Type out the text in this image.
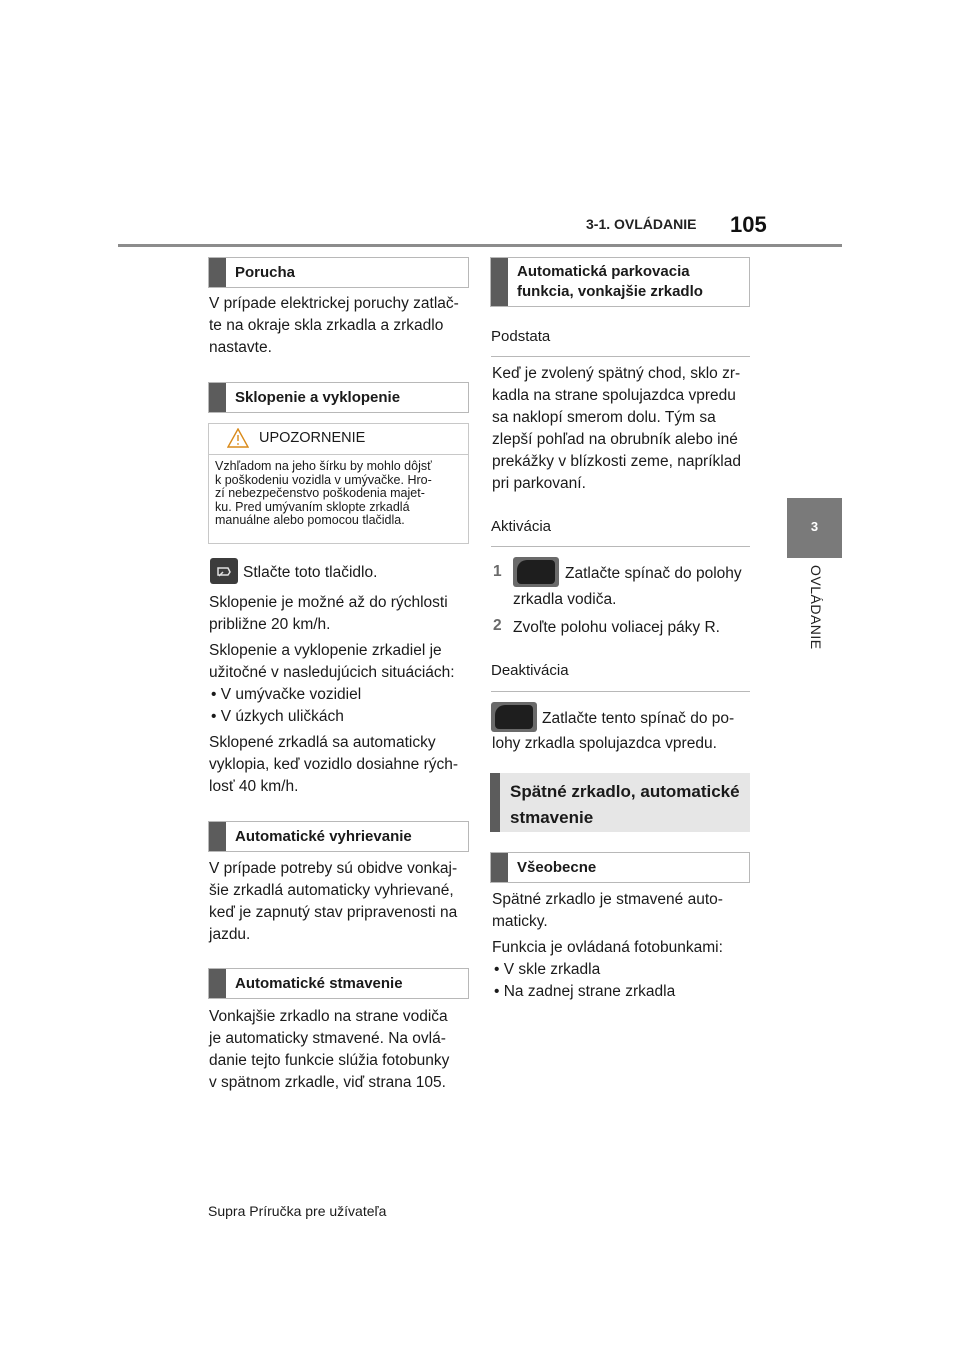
3-1. OVLÁDANIE 105
3
OVLÁDANIE
Porucha
V prípade elektrickej poruchy zatlač-
te na okraje skla zrkadla a zrkadlo
nastavte.
Sklopenie a vyklopenie
UPOZORNENIE
Vzhľadom na jeho šírku by mohlo dôjsť
k poškodeniu vozidla v umývačke. Hro-
zí nebezpečenstvo poškodenia majet-
ku. Pred umývaním sklopte zrkadlá
manuálne alebo pomocou tlačidla.
Stlačte toto tlačidlo.
Sklopenie je možné až do rýchlosti
približne 20 km/h.
Sklopenie a vyklopenie zrkadiel je
užitočné v nasledujúcich situáciách:
• V umývačke vozidiel
• V úzkych uličkách
Sklopené zrkadlá sa automaticky
vyklopia, keď vozidlo dosiahne rých-
losť 40 km/h.
Automatické vyhrievanie
V prípade potreby sú obidve vonkaj-
šie zrkadlá automaticky vyhrievané,
keď je zapnutý stav pripravenosti na
jazdu.
Automatické stmavenie
Vonkajšie zrkadlo na strane vodiča
je automaticky stmavené. Na ovlá-
danie tejto funkcie slúžia fotobunky
v spätnom zrkadle, viď strana 105.
Automatická parkovacia
funkcia, vonkajšie zrkadlo
Podstata
Keď je zvolený spätný chod, sklo zr-
kadla na strane spolujazdca vpredu
sa naklopí smerom dolu. Tým sa
zlepší pohľad na obrubník alebo iné
prekážky v blízkosti zeme, napríklad
pri parkovaní.
Aktivácia
1	Zatlačte spínač do polohy
zrkadla vodiča.
2 Zvoľte polohu voliacej páky R.
Deaktivácia
Zatlačte tento spínač do po-
lohy zrkadla spolujazdca vpredu.
Spätné zrkadlo, automatické
stmavenie
Všeobecne
Spätné zrkadlo je stmavené auto-
maticky.
Funkcia je ovládaná fotobunkami:
• V skle zrkadla
• Na zadnej strane zrkadla
Supra Príručka pre užívateľa
